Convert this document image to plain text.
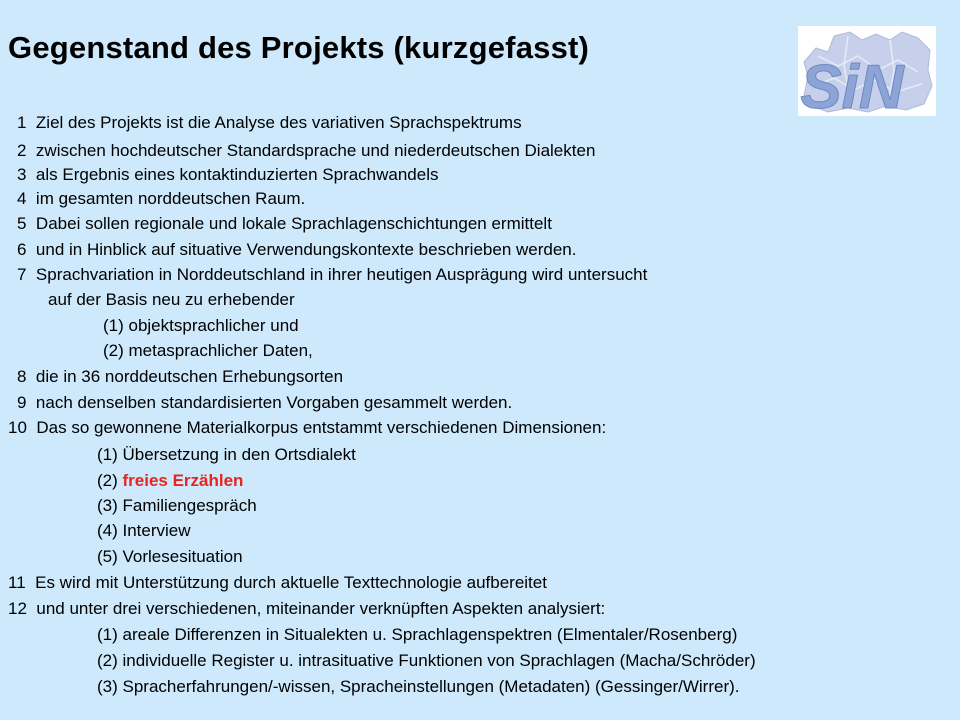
Gegenstand des Projekts (kurzgefasst)
SiN
1 Ziel des Projekts ist die Analyse des variativen Sprachspektrums
2 zwischen hochdeutscher Standardsprache und niederdeutschen Dialekten
3 als Ergebnis eines kontaktinduzierten Sprachwandels
4 im gesamten norddeutschen Raum.
5 Dabei sollen regionale und lokale Sprachlagenschichtungen ermittelt
6 und in Hinblick auf situative Verwendungskontexte beschrieben werden.
7 Sprachvariation in Norddeutschland in ihrer heutigen Ausprägung wird untersucht
auf der Basis neu zu erhebender
(1) objektsprachlicher und
(2) metasprachlicher Daten,
8 die in 36 norddeutschen Erhebungsorten
9 nach denselben standardisierten Vorgaben gesammelt werden.
10 Das so gewonnene Materialkorpus entstammt verschiedenen Dimensionen:
(1) Übersetzung in den Ortsdialekt
(2) freies Erzählen
(3) Familiengespräch
(4) Interview
(5) Vorlesesituation
11 Es wird mit Unterstützung durch aktuelle Texttechnologie aufbereitet
12 und unter drei verschiedenen, miteinander verknüpften Aspekten analysiert:
(1) areale Differenzen in Situalekten u. Sprachlagenspektren (Elmentaler/Rosenberg)
(2) individuelle Register u. intrasituative Funktionen von Sprachlagen (Macha/Schröder)
(3) Spracherfahrungen/-wissen, Spracheinstellungen (Metadaten) (Gessinger/Wirrer).
